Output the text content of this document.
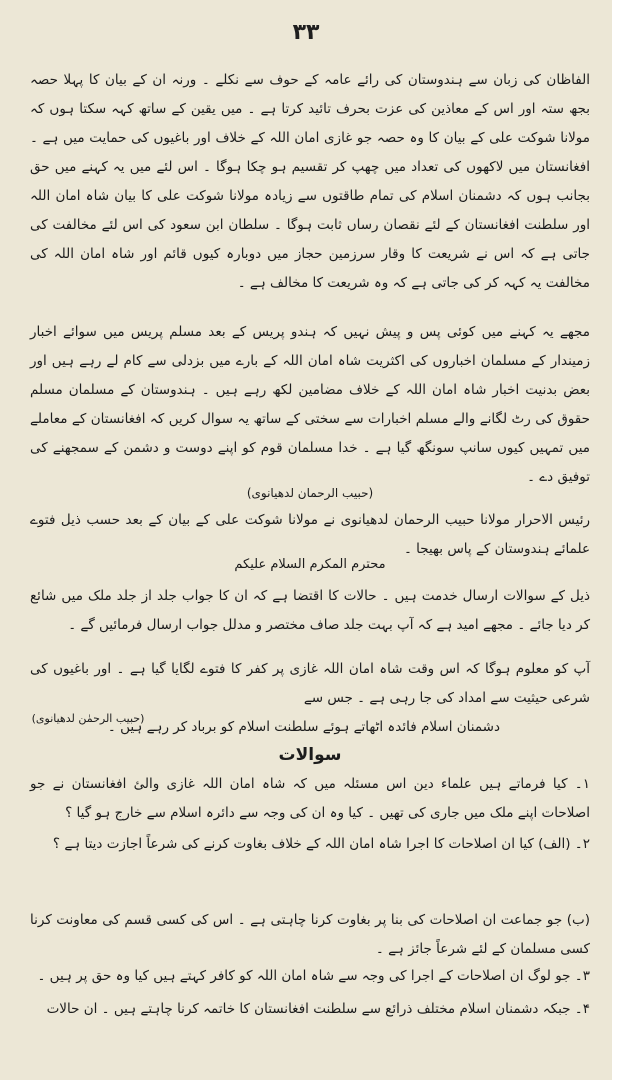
٣٣
الفاظان کی زبان سے ہندوستان کی رائے عامہ کے حوف سے نکلے ۔ ورنہ ان کے بیان کا پہلا حصہ بجھ ستہ اور اس کے معاذین کی عزت بحرف تائید کرتا ہے ۔ میں یقین کے ساتھ کہہ سکتا ہوں کہ مولانا شوکت علی کے بیان کا وہ حصہ جو غازی امان اللہ کے خلاف اور باغیوں کی حمایت میں ہے ۔ افغانستان میں لاکھوں کی تعداد میں چھپ کر تقسیم ہو چکا ہوگا ۔ اس لئے میں یہ کہنے میں حق بجانب ہوں کہ دشمنان اسلام کی تمام طاقتوں سے زیادہ مولانا شوکت علی کا بیان شاہ امان اللہ اور سلطنت افغانستان کے لئے نقصان رساں ثابت ہوگا ۔ سلطان ابن سعود کی اس لئے مخالفت کی جاتی ہے کہ اس نے شریعت کا وقار سرزمین حجاز میں دوبارہ کیوں قائم اور شاہ امان اللہ کی مخالفت یہ کہہ کر کی جاتی ہے کہ وہ شریعت کا مخالف ہے ۔
مجھے یہ کہنے میں کوئی پس و پیش نہیں کہ ہندو پریس کے بعد مسلم پریس میں سوائے اخبار زمیندار کے مسلمان اخباروں کی اکثریت شاہ امان اللہ کے بارے میں بزدلی سے کام لے رہے ہیں اور بعض بدنیت اخبار شاہ امان اللہ کے خلاف مضامین لکھ رہے ہیں ۔ ہندوستان کے مسلمان مسلم حقوق کی رٹ لگانے والے مسلم اخبارات سے سختی کے ساتھ یہ سوال کریں کہ افغانستان کے معاملے میں تمہیں کیوں سانپ سونگھ گیا ہے ۔ خدا مسلمان قوم کو اپنے دوست و دشمن کے سمجھنے کی توفیق دے ۔
(حبیب الرحمان لدھیانوی)
رئیس الاحرار مولانا حبیب الرحمان لدھیانوی نے مولانا شوکت علی کے بیان کے بعد حسب ذیل فتوے علمائے ہندوستان کے پاس بھیجا ۔
محترم المکرم السلام علیکم
ذیل کے سوالات ارسال خدمت ہیں ۔ حالات کا اقتضا ہے کہ ان کا جواب جلد از جلد ملک میں شائع کر دیا جائے ۔ مجھے امید ہے کہ آپ بہت جلد صاف مختصر و مدلل جواب ارسال فرمائیں گے ۔
آپ کو معلوم ہوگا کہ اس وقت شاہ امان اللہ غازی پر کفر کا فتوے لگایا گیا ہے ۔ اور باغیوں کی شرعی حیثیت سے امداد کی جا رہی ہے ۔ جس سے
دشمنان اسلام فائدہ اٹھاتے ہوئے سلطنت اسلام کو برباد کر رہے ہیں ۔
(حبیب الرحمٰن لدھیانوی)
سوالات
۱۔ کیا فرماتے ہیں علماء دین اس مسئلہ میں کہ شاہ امان اللہ غازی والئ افغانستان نے جو اصلاحات اپنے ملک میں جاری کی تھیں ۔ کیا وہ ان کی وجہ سے دائرہ اسلام سے خارج ہو گیا ؟
۲۔ (الف) کیا ان اصلاحات کا اجرا شاہ امان اللہ کے خلاف بغاوت کرنے کی شرعاً اجازت دیتا ہے ؟
(ب) جو جماعت ان اصلاحات کی بنا پر بغاوت کرنا چاہتی ہے ۔ اس کی کسی قسم کی معاونت کرنا کسی مسلمان کے لئے شرعاً جائز ہے ۔
۳۔ جو لوگ ان اصلاحات کے اجرا کی وجہ سے شاہ امان اللہ کو کافر کہتے ہیں کیا وہ حق پر ہیں ۔
۴۔ جبکہ دشمنان اسلام مختلف ذرائع سے سلطنت افغانستان کا خاتمہ کرنا چاہتے ہیں ۔ ان حالات
